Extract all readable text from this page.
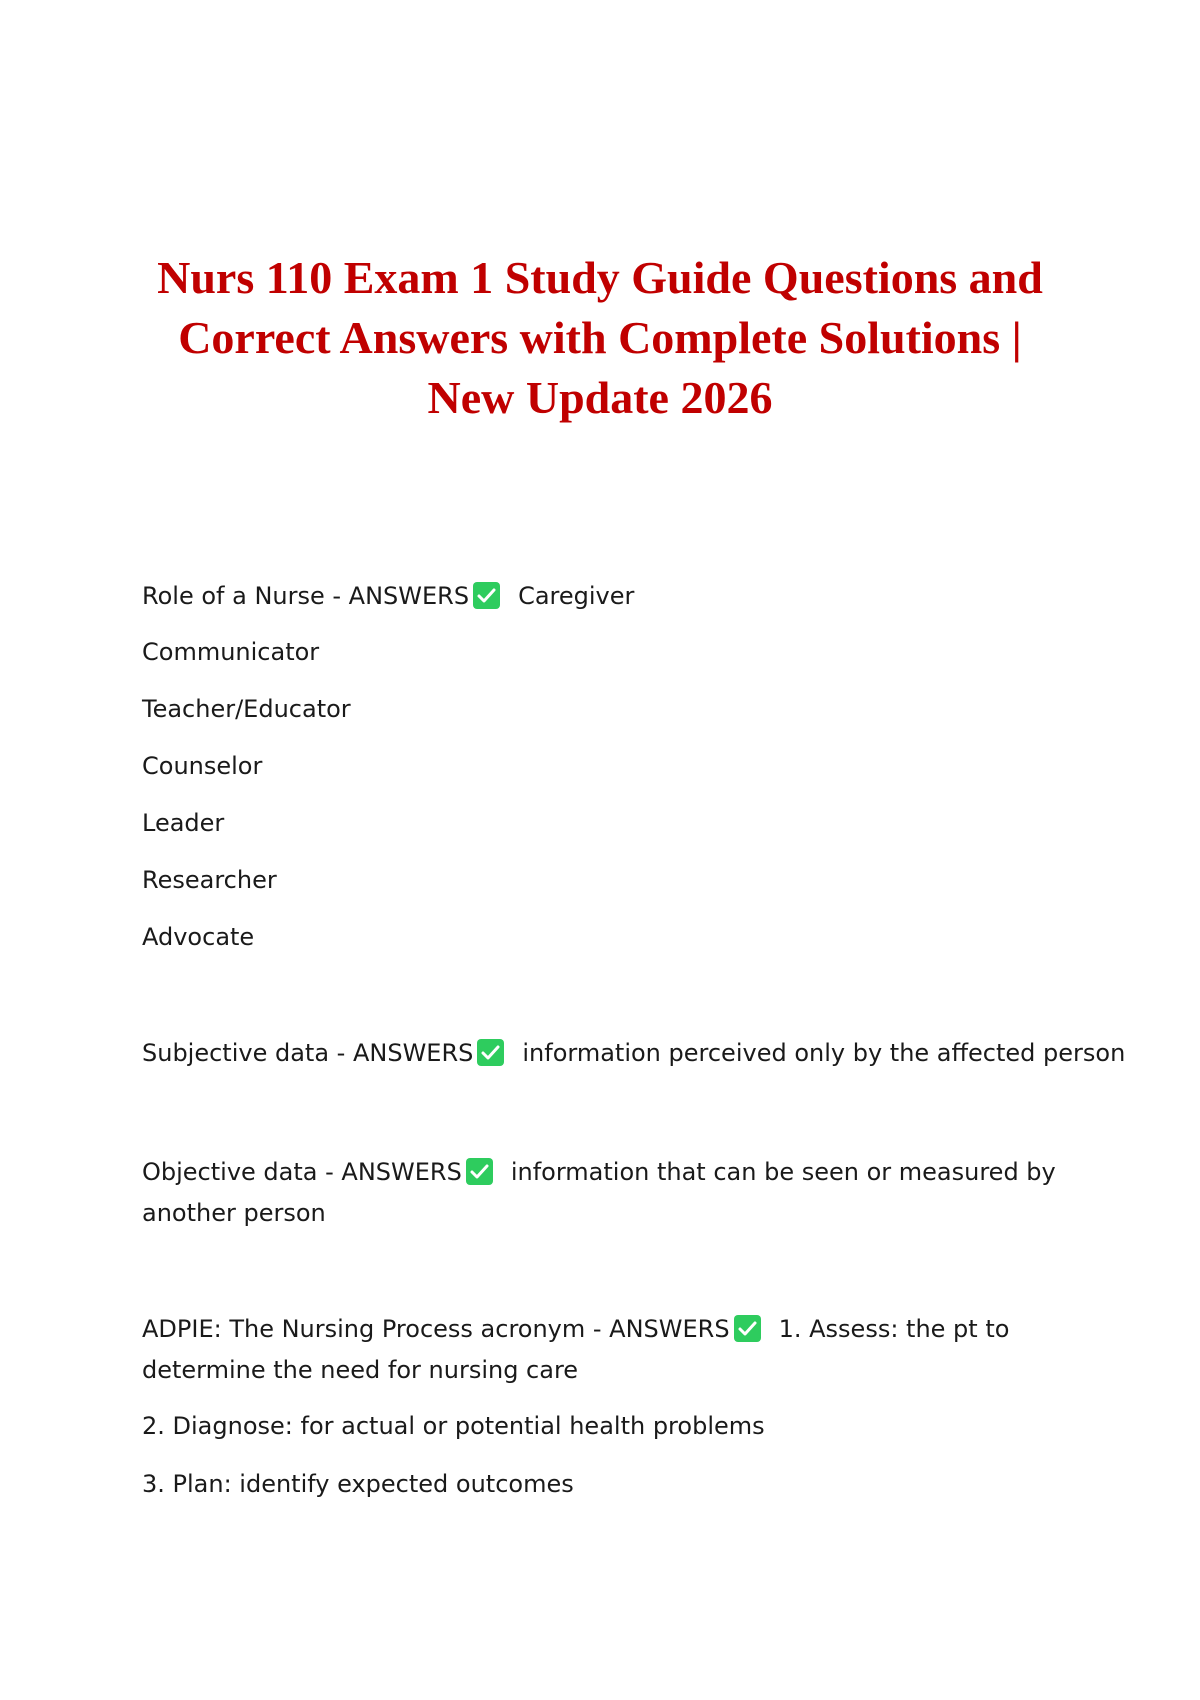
Nurs 110 Exam 1 Study Guide Questions and
Correct Answers with Complete Solutions |
New Update 2026
Role of a Nurse - ANSWERS Caregiver
Communicator
Teacher/Educator
Counselor
Leader
Researcher
Advocate
Subjective data - ANSWERS information perceived only by the affected person
Objective data - ANSWERS information that can be seen or measured by
another person
ADPIE: The Nursing Process acronym - ANSWERS 1. Assess: the pt to
determine the need for nursing care
2. Diagnose: for actual or potential health problems
3. Plan: identify expected outcomes
